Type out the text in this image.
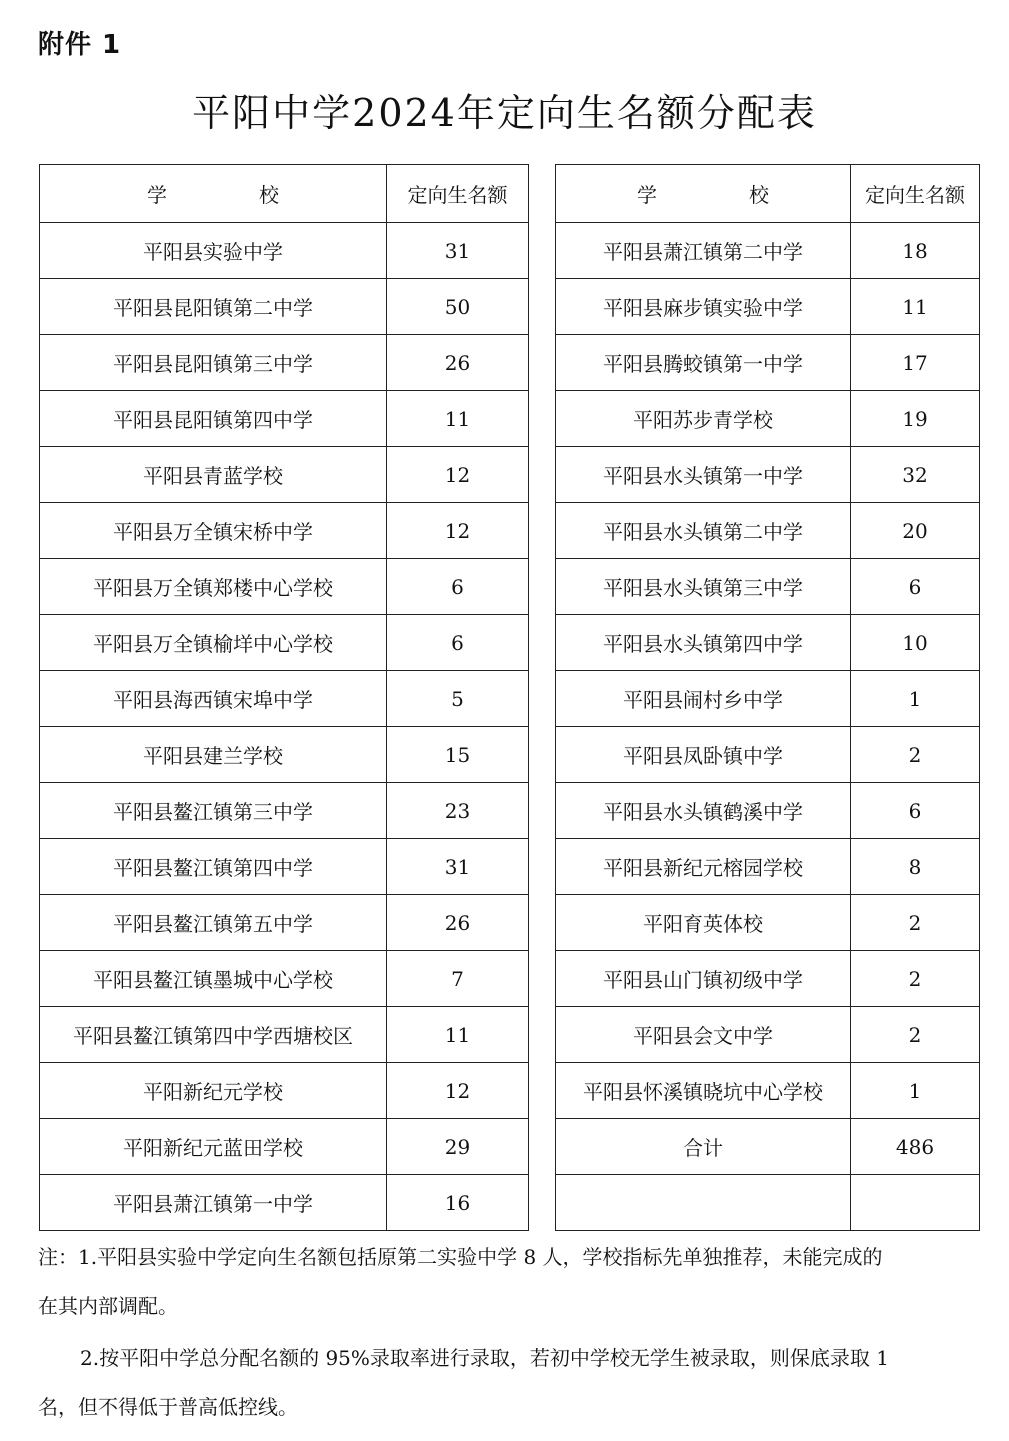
附件 1
平阳中学2024年定向生名额分配表
学　校	定向生名额
平阳县实验中学	31
平阳县昆阳镇第二中学	50
平阳县昆阳镇第三中学	26
平阳县昆阳镇第四中学	11
平阳县青蓝学校	12
平阳县万全镇宋桥中学	12
平阳县万全镇郑楼中心学校	6
平阳县万全镇榆垟中心学校	6
平阳县海西镇宋埠中学	5
平阳县建兰学校	15
平阳县鳌江镇第三中学	23
平阳县鳌江镇第四中学	31
平阳县鳌江镇第五中学	26
平阳县鳌江镇墨城中心学校	7
平阳县鳌江镇第四中学西塘校区	11
平阳新纪元学校	12
平阳新纪元蓝田学校	29
平阳县萧江镇第一中学	16
学　校	定向生名额
平阳县萧江镇第二中学	18
平阳县麻步镇实验中学	11
平阳县腾蛟镇第一中学	17
平阳苏步青学校	19
平阳县水头镇第一中学	32
平阳县水头镇第二中学	20
平阳县水头镇第三中学	6
平阳县水头镇第四中学	10
平阳县闹村乡中学	1
平阳县凤卧镇中学	2
平阳县水头镇鹤溪中学	6
平阳县新纪元榕园学校	8
平阳育英体校	2
平阳县山门镇初级中学	2
平阳县会文中学	2
平阳县怀溪镇晓坑中心学校	1
合计	486

注：1.平阳县实验中学定向生名额包括原第二实验中学 8 人，学校指标先单独推荐，未能完成的
在其内部调配。
2.按平阳中学总分配名额的 95%录取率进行录取，若初中学校无学生被录取，则保底录取 1
名，但不得低于普高低控线。
